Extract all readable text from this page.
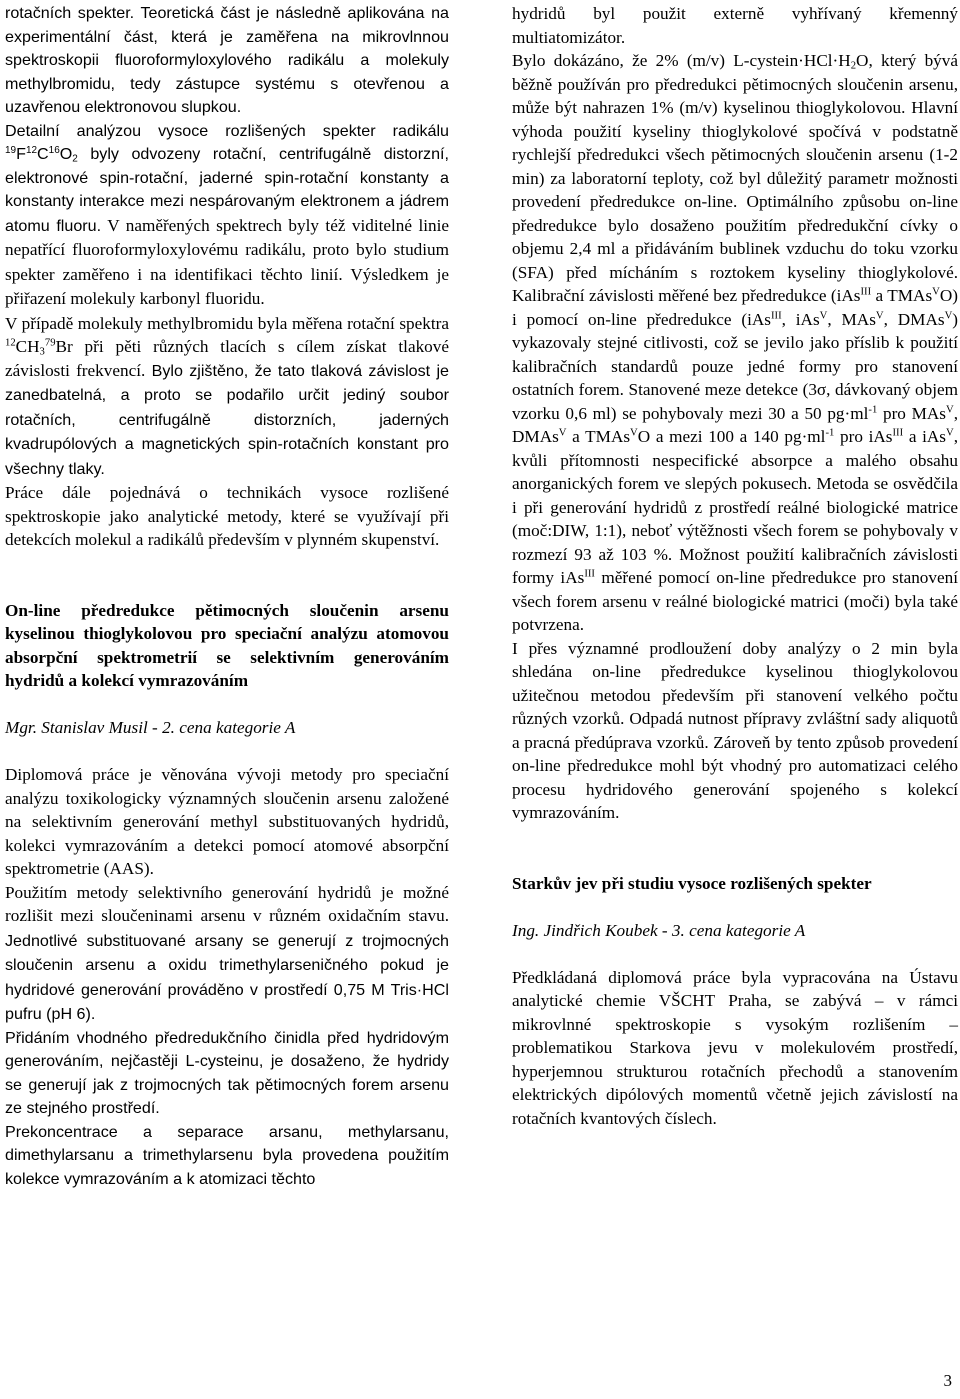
rotačních spekter. Teoretická část je následně aplikována na experimentální část, která je zaměřena na mikrovlnnou spektroskopii fluoroformyloxylového radikálu a molekuly methylbromidu, tedy zástupce systému s otevřenou a uzavřenou elektronovou slupkou.

Detailní analýzou vysoce rozlišených spekter radikálu $^{19}F^{12}C^{16}O_2$ byly odvozeny rotační, centrifugálně distorzní, elektronové spin-rotační, jaderné spin-rotační konstanty a konstanty interakce mezi nespárovaným elektronem a jádrem atomu fluoru. V naměřených spektrech byly též viditelné linie nepatřící fluoroformyloxylovému radikálu, proto bylo studium spekter zaměřeno i na identifikaci těchto linií. Výsledkem je přiřazení molekuly karbonyl fluoridu.

V případě molekuly methylbromidu byla měřena rotační spektra $^{12}CH_3^{79}Br$ při pěti různých tlacích s cílem získat tlakové závislosti frekvencí. Bylo zjištěno, že tato tlaková závislost je zanedbatelná, a proto se podařilo určit jediný soubor rotačních, centrifugálně distorzních, jaderných kvadrupólových a magnetických spin-rotačních konstant pro všechny tlaky.

Práce dále pojednává o technikách vysoce rozlišené spektroskopie jako analytické metody, které se využívají při detekcích molekul a radikálů především v plynném skupenství.

On-line předredukce pětimocných sloučenin arsenu kyselinou thioglykolovou pro speciační analýzu atomovou absorpční spektrometrií se selektivním generováním hydridů a kolekcí vymrazováním

Mgr. Stanislav Musil - 2. cena kategorie A

Diplomová práce je věnována vývoji metody pro speciační analýzu toxikologicky významných sloučenin arsenu založené na selektivním generování methyl substituovaných hydridů, kolekci vymrazováním a detekci pomocí atomové absorpční spektrometrie (AAS).

Použitím metody selektivního generování hydridů je možné rozlišit mezi sloučeninami arsenu v různém oxidačním stavu. Jednotlivé substituované arsany se generují z trojmocných sloučenin arsenu a oxidu trimethylarseničného pokud je hydridové generování prováděno v prostředí 0,75 M Tris·HCl pufru (pH 6).

Přidáním vhodného předredukčního činidla před hydridovým generováním, nejčastěji L-cysteinu, je dosaženo, že hydridy se generují jak z trojmocných tak pětimocných forem arsenu ze stejného prostředí.

Prekoncentrace a separace arsanu, methylarsanu, dimethylarsanu a trimethylarsenu byla provedena použitím kolekce vymrazováním a k atomizaci těchto

hydridů byl použit externě vyhřívaný křemenný multiatomizátor.

Bylo dokázáno, že 2% (m/v) $L-cystein\cdot HCl\cdot H_2O$, který bývá běžně používán pro předredukci pětimocných sloučenin arsenu, může být nahrazen 1% (m/v) kyselinou thioglykolovou. Hlavní výhoda použití kyseliny thioglykolové spočívá v podstatně rychlejší předredukci všech pětimocných sloučenin arsenu (1-2 min) za laboratorní teploty, což byl důležitý parametr možnosti provedení předredukce on-line. Optimálního způsobu on-line předredukce bylo dosaženo použitím předredukční cívky o objemu 2,4 ml a přidáváním bublinek vzduchu do toku vzorku (SFA) před mícháním s roztokem kyseliny thioglykolové. Kalibrační závislosti měřené bez předredukce (iAs$^{III}$ a TMAs$^V$O) i pomocí on-line předredukce (iAs$^{III}$, iAs$^V$, MAs$^V$, DMAs$^V$) vykazovaly stejné citlivosti, což se jevilo jako příslib k použití kalibračních standardů pouze jedné formy pro stanovení ostatních forem. Stanovené meze detekce (3σ, dávkovaný objem vzorku 0,6 ml) se pohybovaly mezi 30 a 50 $pg\cdot ml^{-1}$ pro MAs$^V$, DMAs$^V$ a TMAs$^V$O a mezi 100 a 140 $pg\cdot ml^{-1}$ pro iAs$^{III}$ a iAs$^V$, kvůli přítomnosti nespecifické absorpce a malého obsahu anorganických forem ve slepých pokusech. Metoda se osvědčila i při generování hydridů z prostředí reálné biologické matrice (moč:DIW, 1:1), neboť výtěžnosti všech forem se pohybovaly v rozmezí 93 až 103 %. Možnost použití kalibračních závislosti formy iAs$^{III}$ měřené pomocí on-line předredukce pro stanovení všech forem arsenu v reálné biologické matrici (moči) byla také potvrzena.

I přes významné prodloužení doby analýzy o 2 min byla shledána on-line předredukce kyselinou thioglykolovou užitečnou metodou především při stanovení velkého počtu různých vzorků. Odpadá nutnost přípravy zvláštní sady aliquotů a pracná předúprava vzorků. Zároveň by tento způsob provedení on-line předredukce mohl být vhodný pro automatizaci celého procesu hydridového generování spojeného s kolekcí vymrazováním.

Starkův jev při studiu vysoce rozlišených spekter

Ing. Jindřich Koubek - 3. cena kategorie A

Předkládaná diplomová práce byla vypracována na Ústavu analytické chemie VŠCHT Praha, se zabývá – v rámci mikrovlnné spektroskopie s vysokým rozlišením – problematikou Starkova jevu v molekulovém prostředí, hyperjemnou strukturou rotačních přechodů a stanovením elektrických dipólových momentů včetně jejich závislostí na rotačních kvantových číslech.

3
